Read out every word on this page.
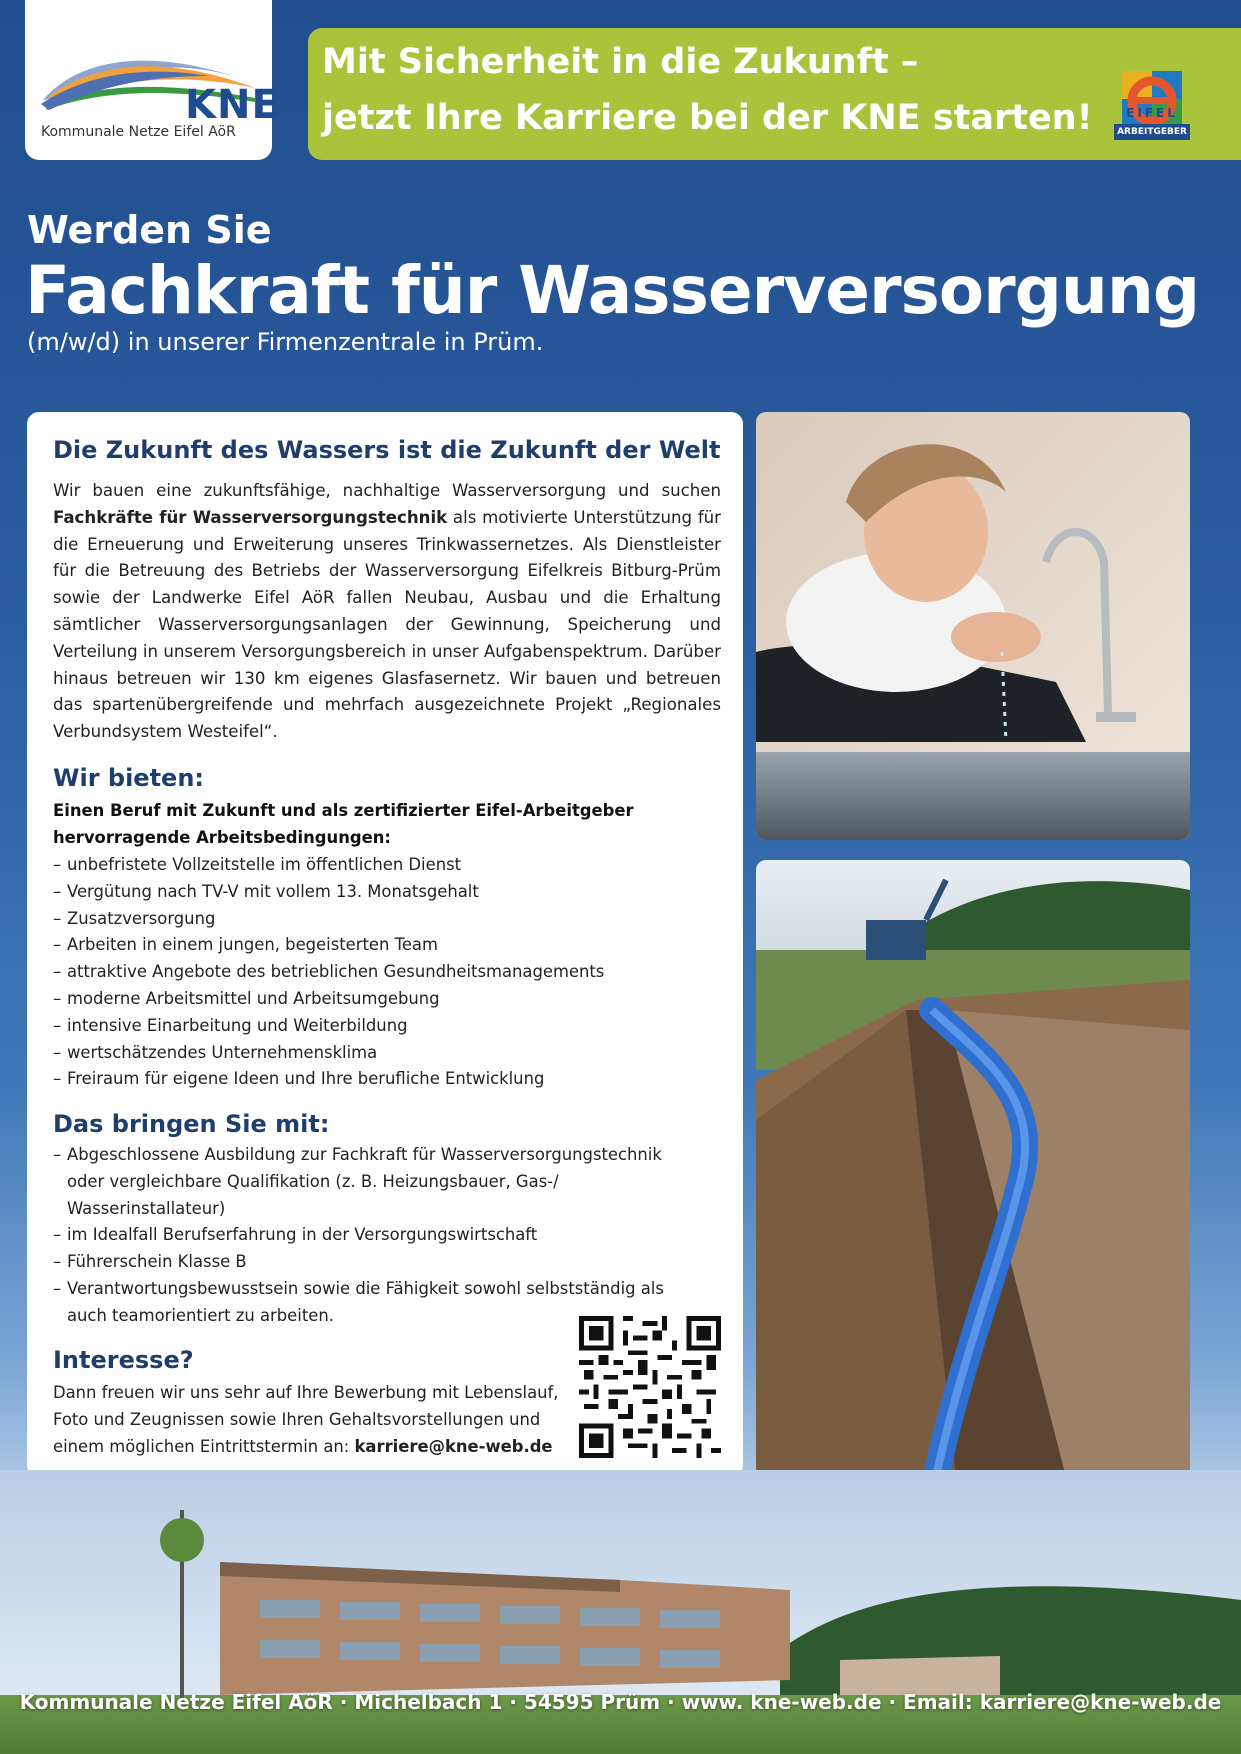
KNE
Kommunale Netze Eifel AöR
Mit Sicherheit in die Zukunft –
jetzt Ihre Karriere bei der KNE starten!	EIFEL
ARBEITGEBER
Werden Sie
Fachkraft für Wasserversorgung
(m/w/d) in unserer Firmenzentrale in Prüm.
Die Zukunft des Wassers ist die Zukunft der Welt

Wir bauen eine zukunftsfähige, nachhaltige Wasserversorgung und suchen Fachkräfte für Wasserversorgungstechnik als motivierte Unterstützung für die Erneuerung und Erweiterung unseres Trinkwassernetzes. Als Dienstleister für die Betreuung des Betriebs der Wasserversorgung Eifelkreis Bitburg-Prüm sowie der Landwerke Eifel AöR fallen Neubau, Ausbau und die Erhaltung sämtlicher Wasserversorgungsanlagen der Gewinnung, Speicherung und Verteilung in unserem Versorgungsbereich in unser Aufgabenspektrum. Darüber hinaus betreuen wir 130 km eigenes Glasfasernetz. Wir bauen und betreuen das spartenübergreifende und mehrfach ausgezeichnete Projekt „Regionales Verbundsystem Westeifel“.

Wir bieten:
Einen Beruf mit Zukunft und als zertifizierter Eifel-Arbeitgeber hervorragende Arbeitsbedingungen:
– unbefristete Vollzeitstelle im öffentlichen Dienst
– Vergütung nach TV-V mit vollem 13. Monatsgehalt
– Zusatzversorgung
– Arbeiten in einem jungen, begeisterten Team
– attraktive Angebote des betrieblichen Gesundheitsmanagements
– moderne Arbeitsmittel und Arbeitsumgebung
– intensive Einarbeitung und Weiterbildung
– wertschätzendes Unternehmensklima
– Freiraum für eigene Ideen und Ihre berufliche Entwicklung
Das bringen Sie mit:
– Abgeschlossene Ausbildung zur Fachkraft für Wasserversorgungstechnik oder vergleichbare Qualifikation (z. B. Heizungsbauer, Gas-/ Wasserinstallateur)
– im Idealfall Berufserfahrung in der Versorgungswirtschaft
– Führerschein Klasse B
– Verantwortungsbewusstsein sowie die Fähigkeit sowohl selbstständig als auch teamorientiert zu arbeiten.
Interesse?

Dann freuen wir uns sehr auf Ihre Bewerbung mit Lebenslauf, Foto und Zeugnissen sowie Ihren Gehaltsvorstellungen und einem möglichen Eintrittstermin an: karriere@kne-web.de

Kommunale Netze Eifel AöR · Michelbach 1 · 54595 Prüm · www. kne-web.de · Email: karriere@kne-web.de
